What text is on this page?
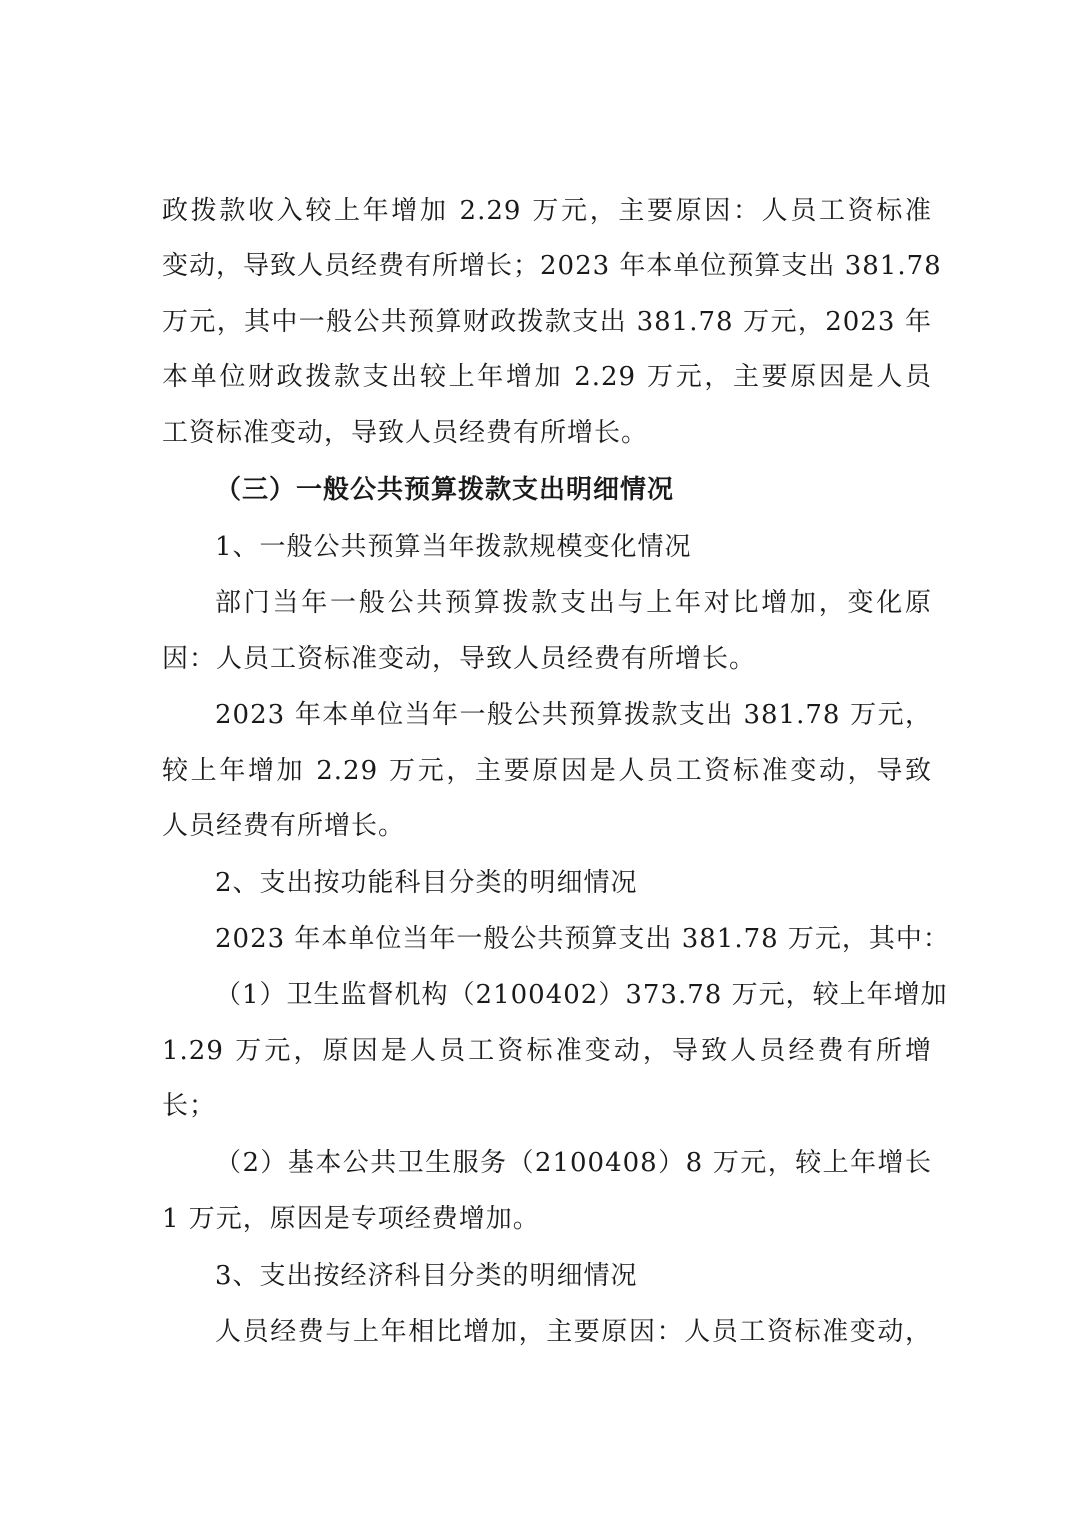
政拨款收入较上年增加 2.29 万元，主要原因：人员工资标准
变动，导致人员经费有所增长；2023 年本单位预算支出 381.78
万元，其中一般公共预算财政拨款支出 381.78 万元，2023 年
本单位财政拨款支出较上年增加 2.29 万元，主要原因是人员
工资标准变动，导致人员经费有所增长。
（三）一般公共预算拨款支出明细情况
1、一般公共预算当年拨款规模变化情况
部门当年一般公共预算拨款支出与上年对比增加，变化原
因：人员工资标准变动，导致人员经费有所增长。
2023 年本单位当年一般公共预算拨款支出 381.78 万元，
较上年增加 2.29 万元，主要原因是人员工资标准变动，导致
人员经费有所增长。
2、支出按功能科目分类的明细情况
2023 年本单位当年一般公共预算支出 381.78 万元，其中：
（1）卫生监督机构（2100402）373.78 万元，较上年增加
1.29 万元，原因是人员工资标准变动，导致人员经费有所增
长；
（2）基本公共卫生服务（2100408）8 万元，较上年增长
1 万元，原因是专项经费增加。
3、支出按经济科目分类的明细情况
人员经费与上年相比增加，主要原因：人员工资标准变动，
